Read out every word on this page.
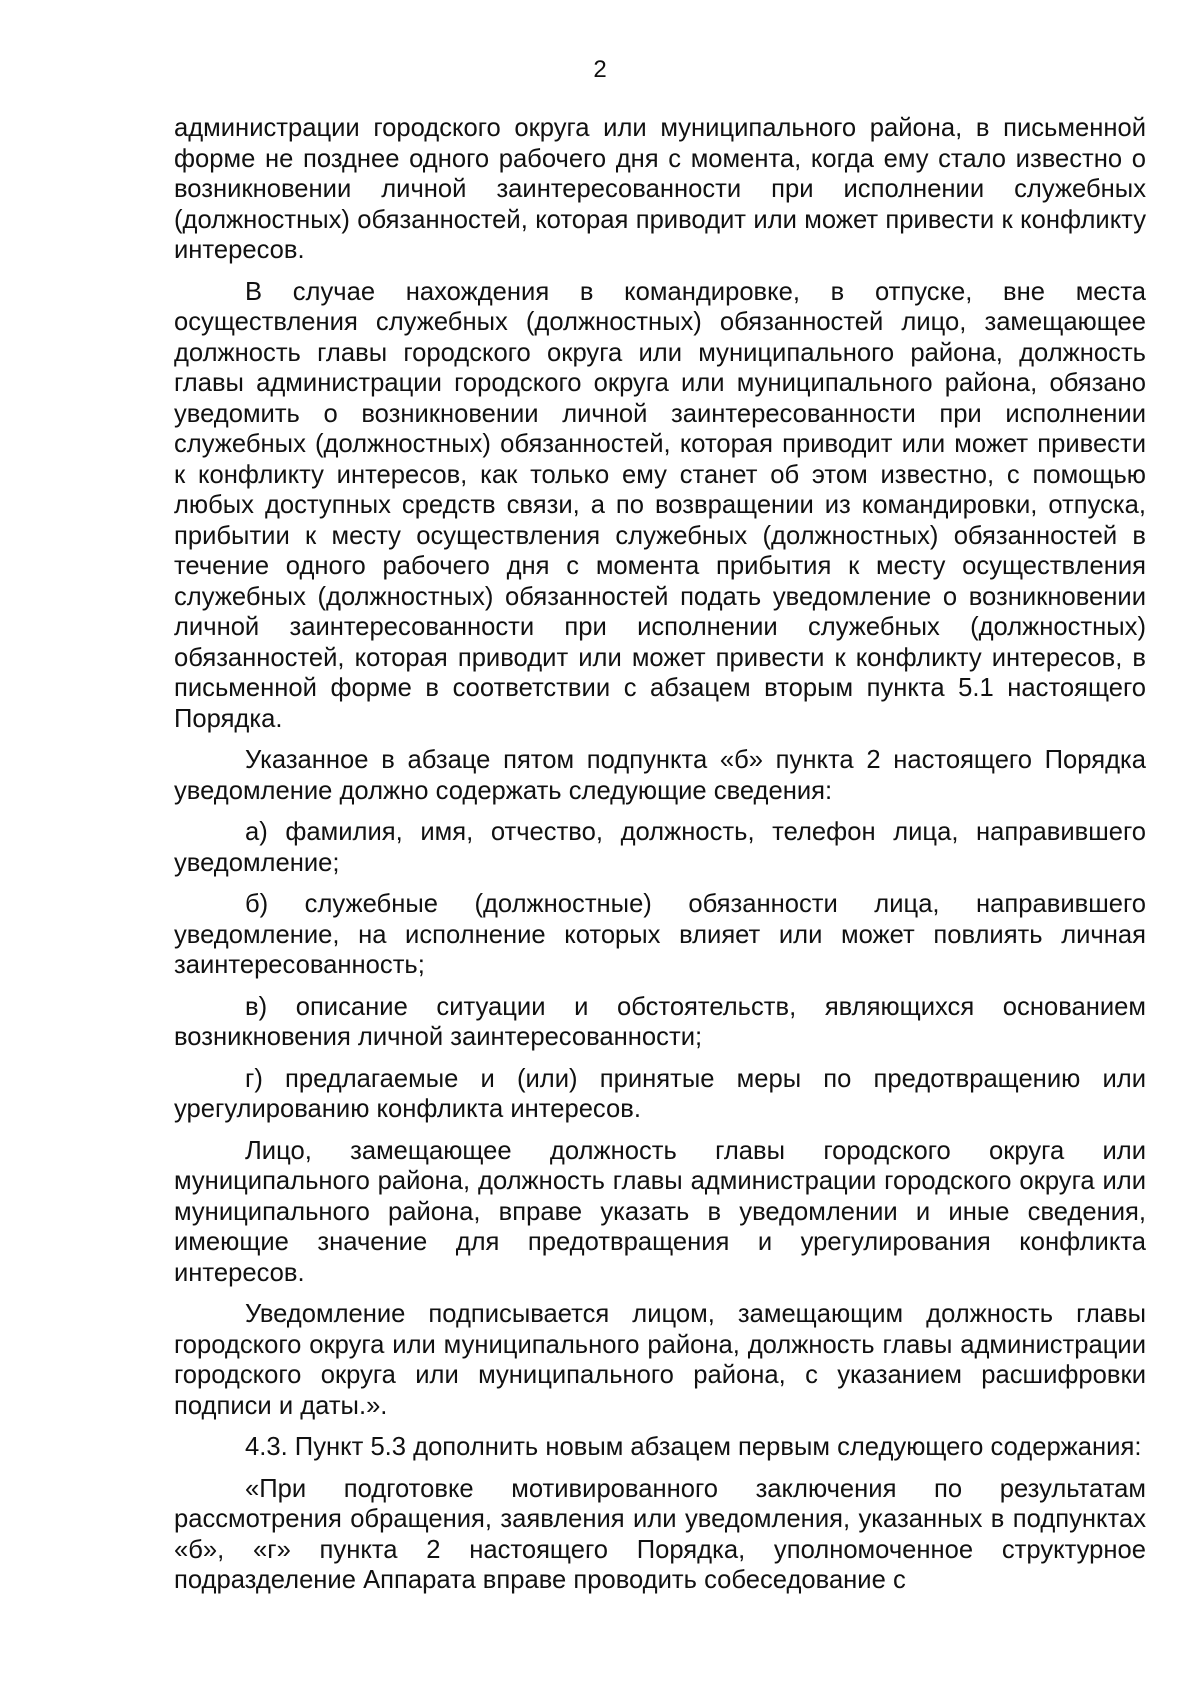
2

администрации городского округа или муниципального района, в письменной форме не позднее одного рабочего дня с момента, когда ему стало известно о возникновении личной заинтересованности при исполнении служебных (должностных) обязанностей, которая приводит или может привести к конфликту интересов.

В случае нахождения в командировке, в отпуске, вне места осуществления служебных (должностных) обязанностей лицо, замещающее должность главы городского округа или муниципального района, должность главы администрации городского округа или муниципального района, обязано уведомить о возникновении личной заинтересованности при исполнении служебных (должностных) обязанностей, которая приводит или может привести к конфликту интересов, как только ему станет об этом известно, с помощью любых доступных средств связи, а по возвращении из командировки, отпуска, прибытии к месту осуществления служебных (должностных) обязанностей в течение одного рабочего дня с момента прибытия к месту осуществления служебных (должностных) обязанностей подать уведомление о возникновении личной заинтересованности при исполнении служебных (должностных) обязанностей, которая приводит или может привести к конфликту интересов, в письменной форме в соответствии с абзацем вторым пункта 5.1 настоящего Порядка.

Указанное в абзаце пятом подпункта «б» пункта 2 настоящего Порядка уведомление должно содержать следующие сведения:

а) фамилия, имя, отчество, должность, телефон лица, направившего уведомление;

б) служебные (должностные) обязанности лица, направившего уведомление, на исполнение которых влияет или может повлиять личная заинтересованность;

в) описание ситуации и обстоятельств, являющихся основанием возникновения личной заинтересованности;

г) предлагаемые и (или) принятые меры по предотвращению или урегулированию конфликта интересов.

Лицо, замещающее должность главы городского округа или муниципального района, должность главы администрации городского округа или муниципального района, вправе указать в уведомлении и иные сведения, имеющие значение для предотвращения и урегулирования конфликта интересов.

Уведомление подписывается лицом, замещающим должность главы городского округа или муниципального района, должность главы администрации городского округа или муниципального района, с указанием расшифровки подписи и даты.».

4.3. Пункт 5.3 дополнить новым абзацем первым следующего содержания:

«При подготовке мотивированного заключения по результатам рассмотрения обращения, заявления или уведомления, указанных в подпунктах «б», «г» пункта 2 настоящего Порядка, уполномоченное структурное подразделение Аппарата вправе проводить собеседование с
